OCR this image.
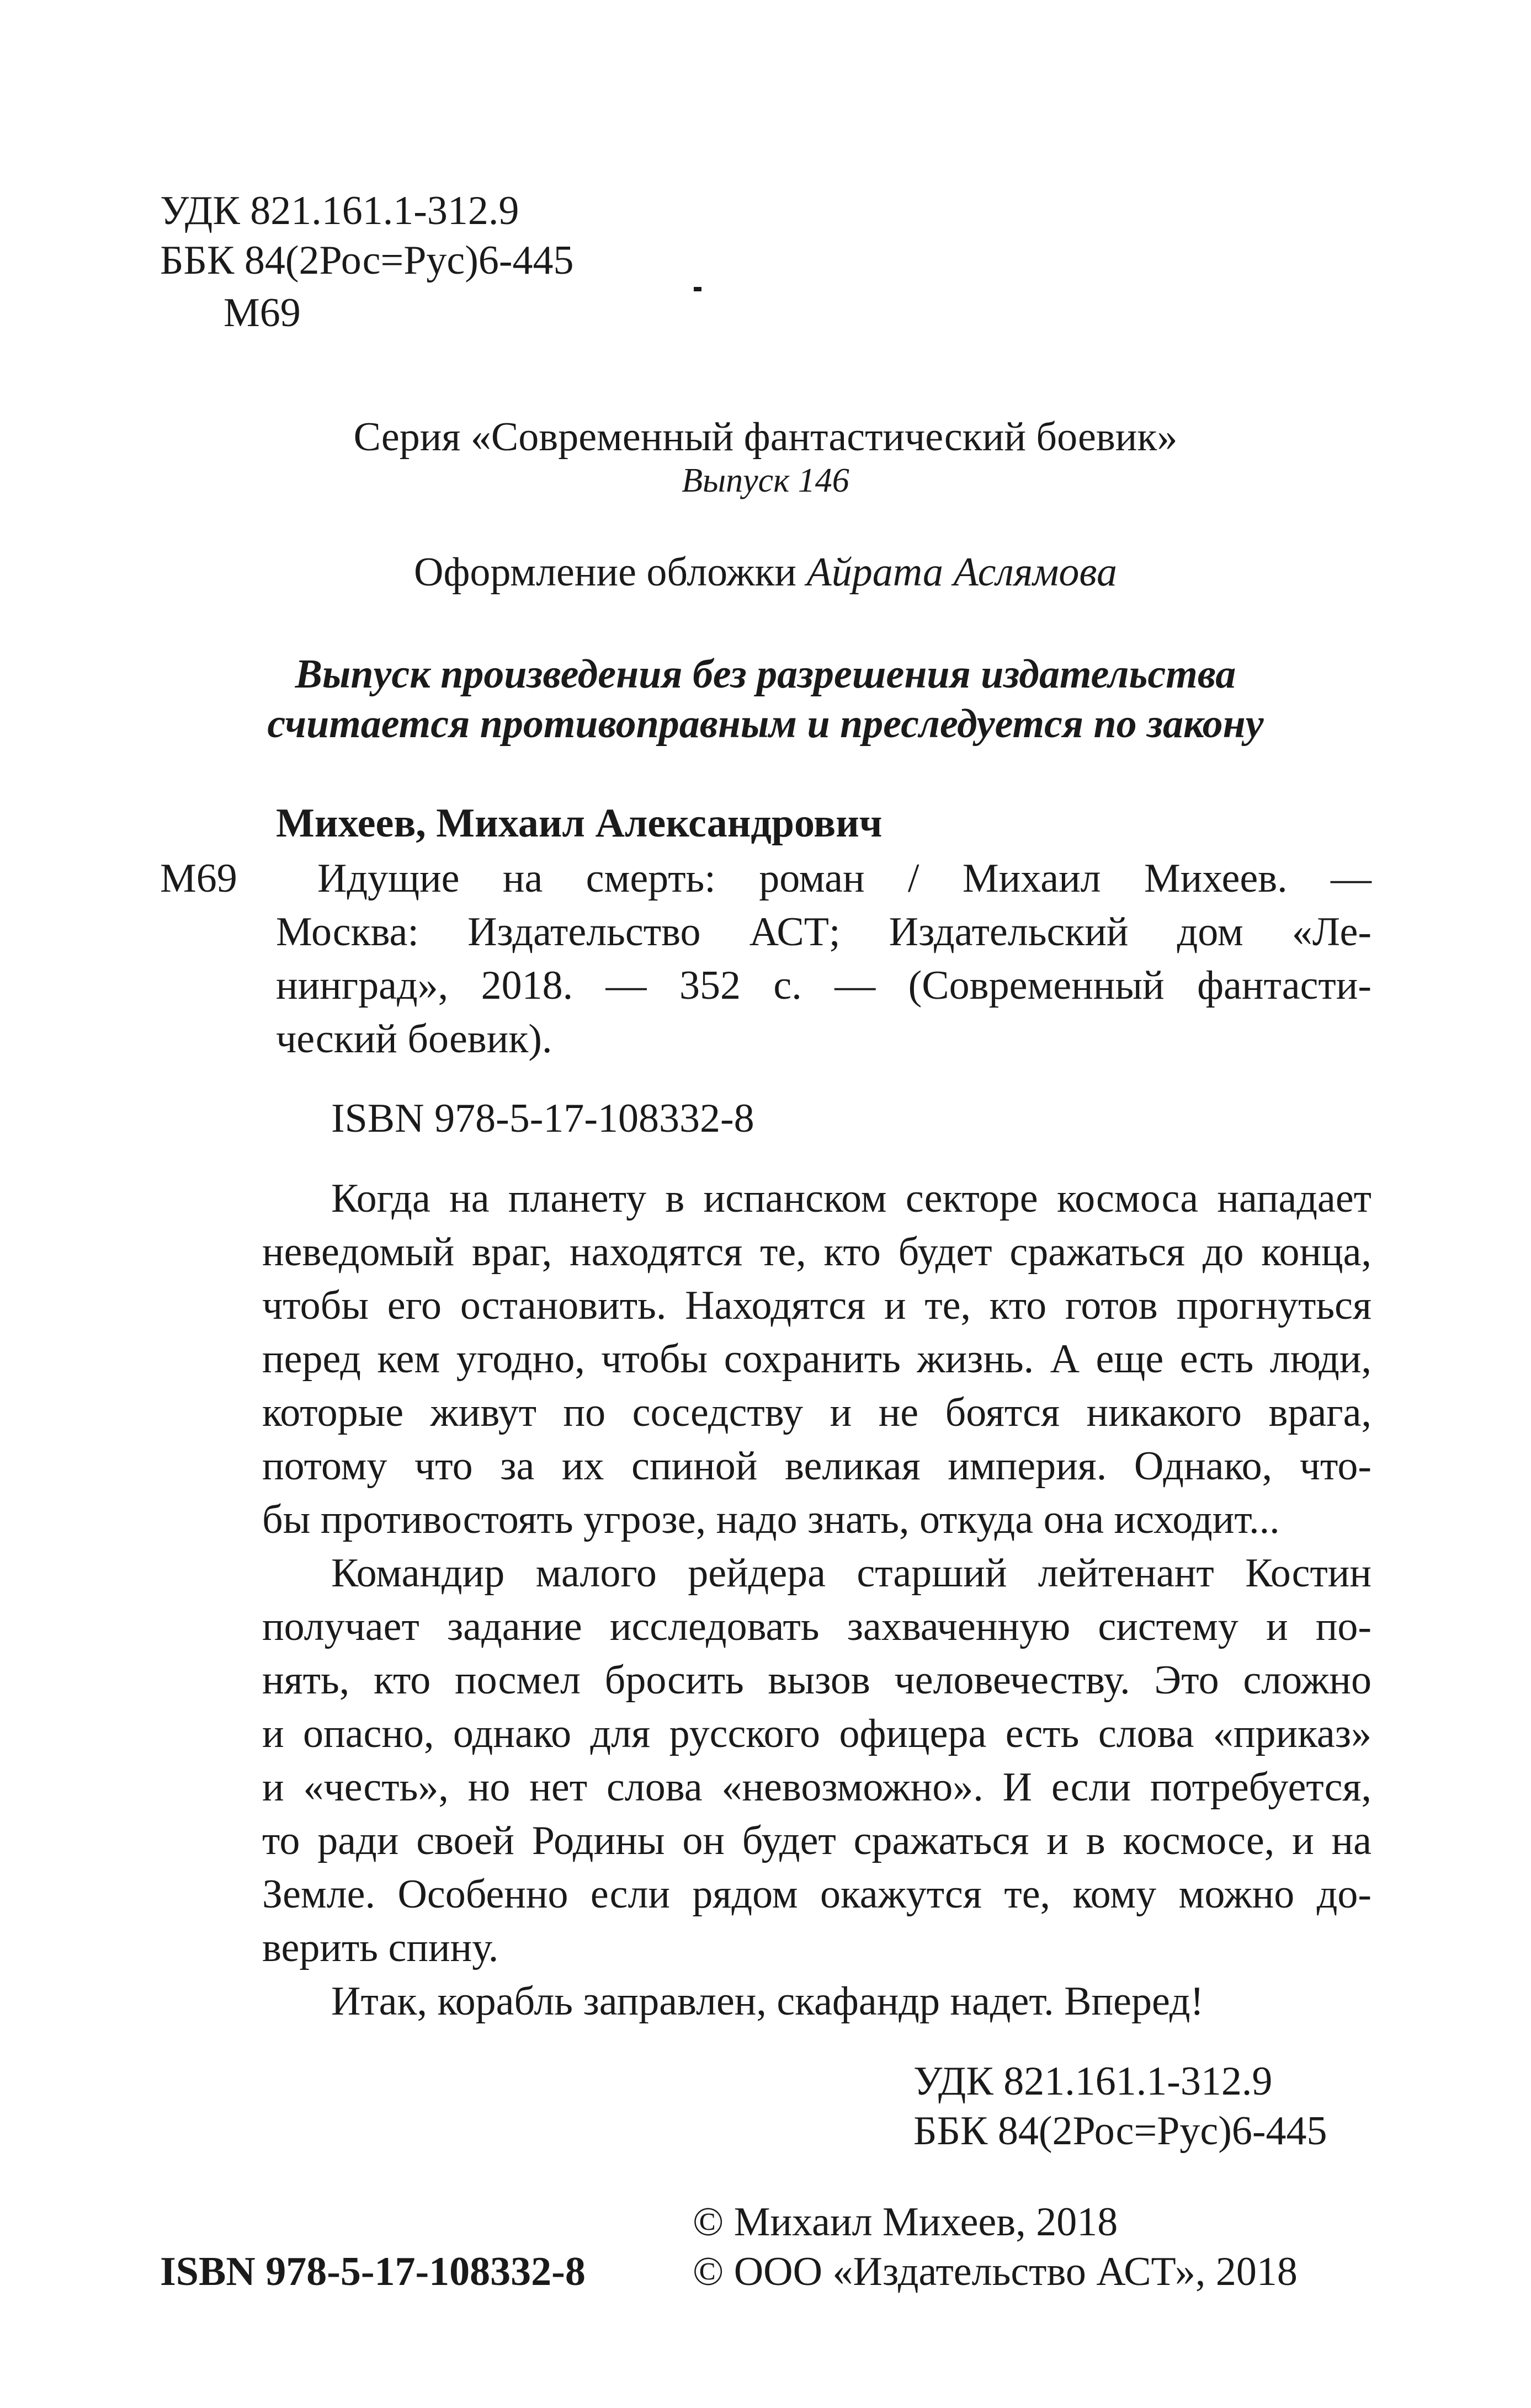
УДК 821.161.1-312.9
ББК 84(2Рос=Рус)6-445
М69
Серия «Современный фантастический боевик»
Выпуск 146
Оформление обложки Айрата Аслямова
Выпуск произведения без разрешения издательства
считается противоправным и преследуется по закону
Михеев, Михаил Александрович
М69 Идущие на смерть: роман / Михаил Михеев. —
Москва: Издательство АСТ; Издательский дом «Ле-
нинград», 2018. — 352 с. — (Современный фантасти-
ческий боевик).
ISBN 978-5-17-108332-8
Когда на планету в испанском секторе космоса нападает
неведомый враг, находятся те, кто будет сражаться до конца,
чтобы его остановить. Находятся и те, кто готов прогнуться
перед кем угодно, чтобы сохранить жизнь. А еще есть люди,
которые живут по соседству и не боятся никакого врага,
потому что за их спиной великая империя. Однако, что-
бы противостоять угрозе, надо знать, откуда она исходит...
Командир малого рейдера старший лейтенант Костин
получает задание исследовать захваченную систему и по-
нять, кто посмел бросить вызов человечеству. Это сложно
и опасно, однако для русского офицера есть слова «приказ»
и «честь», но нет слова «невозможно». И если потребуется,
то ради своей Родины он будет сражаться и в космосе, и на
Земле. Особенно если рядом окажутся те, кому можно до-
верить спину.
Итак, корабль заправлен, скафандр надет. Вперед!
УДК 821.161.1-312.9
ББК 84(2Рос=Рус)6-445
© Михаил Михеев, 2018
ISBN 978-5-17-108332-8	© ООО «Издательство АСТ», 2018
